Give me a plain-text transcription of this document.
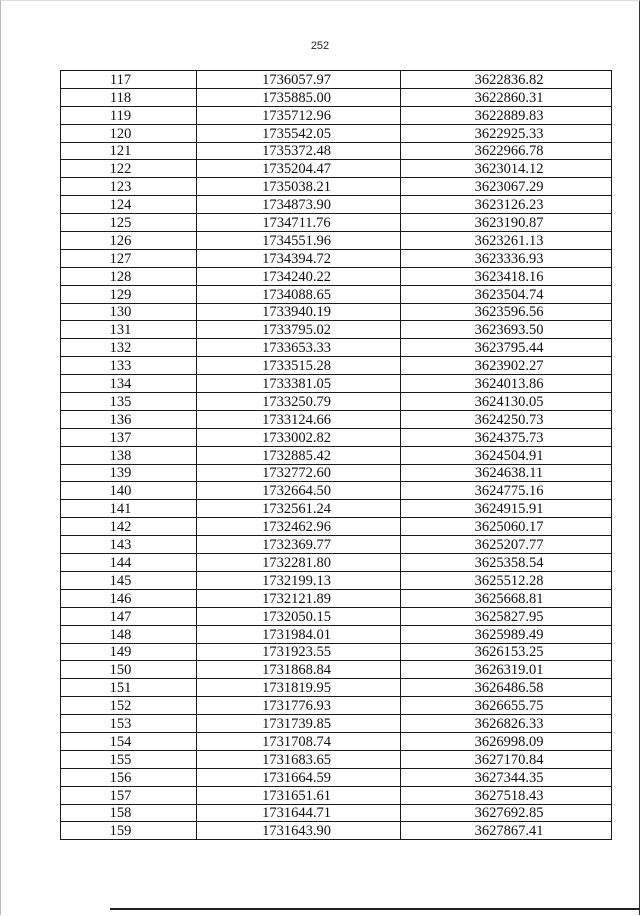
252
117	1736057.97	3622836.82
118	1735885.00	3622860.31
119	1735712.96	3622889.83
120	1735542.05	3622925.33
121	1735372.48	3622966.78
122	1735204.47	3623014.12
123	1735038.21	3623067.29
124	1734873.90	3623126.23
125	1734711.76	3623190.87
126	1734551.96	3623261.13
127	1734394.72	3623336.93
128	1734240.22	3623418.16
129	1734088.65	3623504.74
130	1733940.19	3623596.56
131	1733795.02	3623693.50
132	1733653.33	3623795.44
133	1733515.28	3623902.27
134	1733381.05	3624013.86
135	1733250.79	3624130.05
136	1733124.66	3624250.73
137	1733002.82	3624375.73
138	1732885.42	3624504.91
139	1732772.60	3624638.11
140	1732664.50	3624775.16
141	1732561.24	3624915.91
142	1732462.96	3625060.17
143	1732369.77	3625207.77
144	1732281.80	3625358.54
145	1732199.13	3625512.28
146	1732121.89	3625668.81
147	1732050.15	3625827.95
148	1731984.01	3625989.49
149	1731923.55	3626153.25
150	1731868.84	3626319.01
151	1731819.95	3626486.58
152	1731776.93	3626655.75
153	1731739.85	3626826.33
154	1731708.74	3626998.09
155	1731683.65	3627170.84
156	1731664.59	3627344.35
157	1731651.61	3627518.43
158	1731644.71	3627692.85
159	1731643.90	3627867.41
